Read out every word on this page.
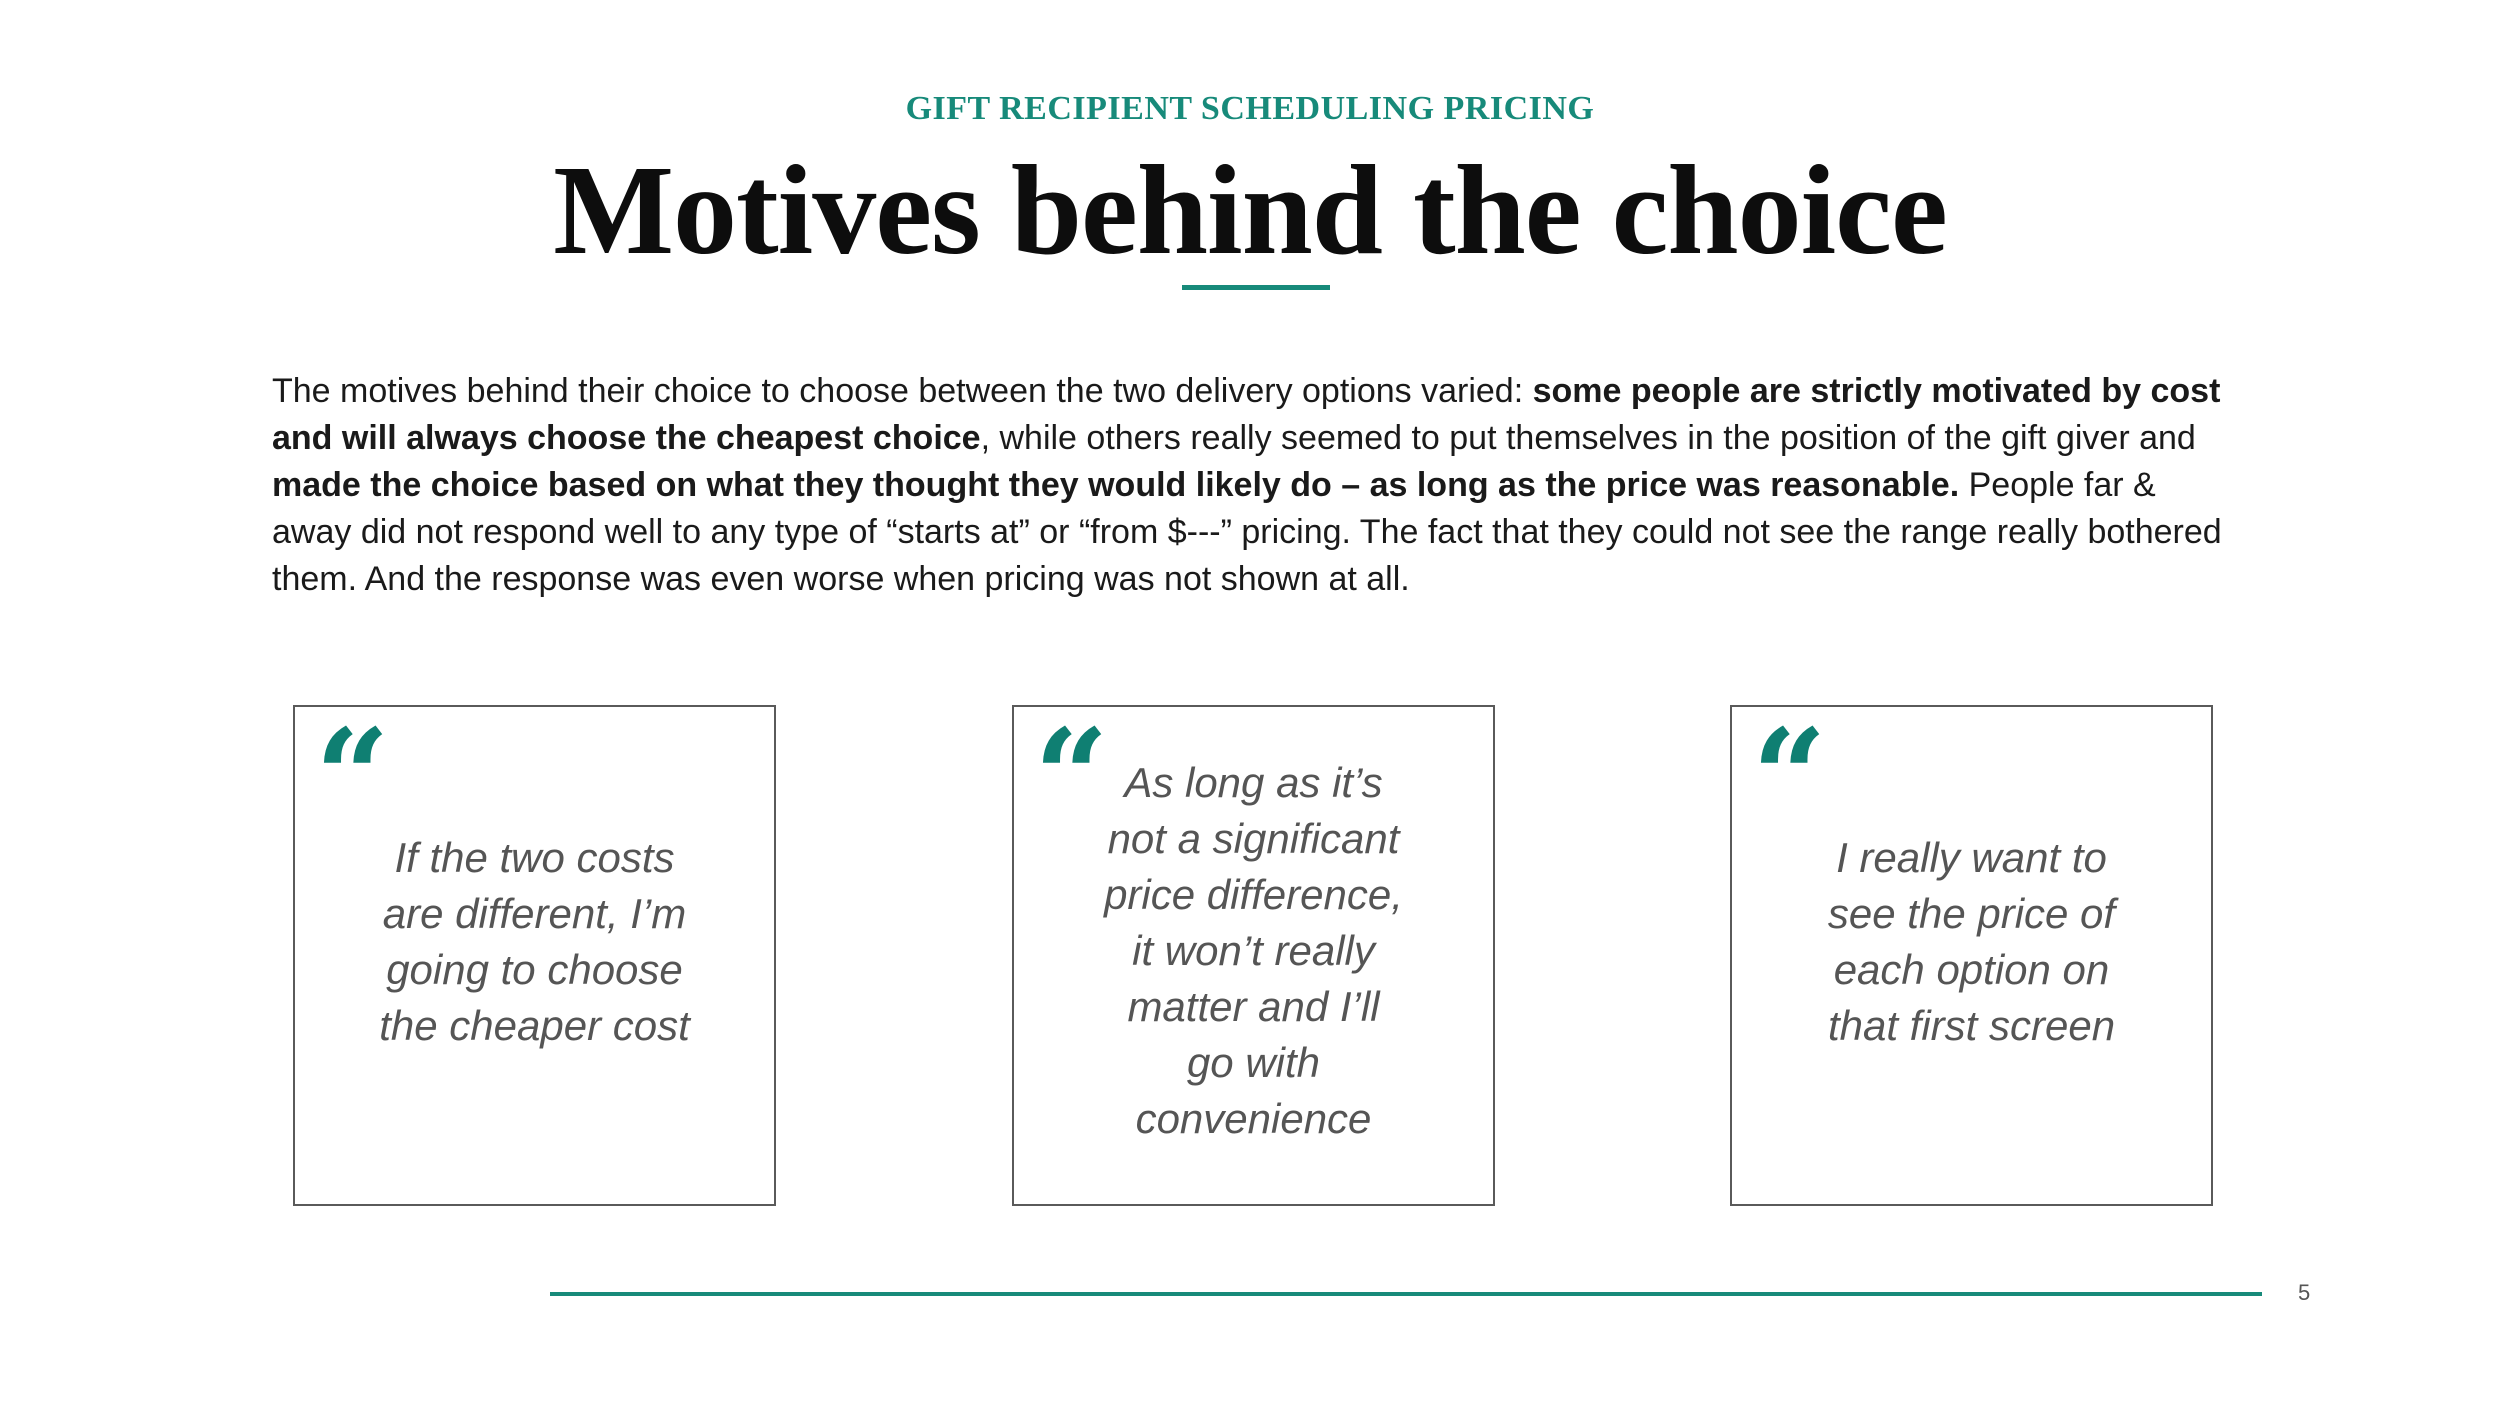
GIFT RECIPIENT SCHEDULING PRICING
Motives behind the choice
The motives behind their choice to choose between the two delivery options varied: some people are strictly motivated by cost and will always choose the cheapest choice, while others really seemed to put themselves in the position of the gift giver and made the choice based on what they thought they would likely do – as long as the price was reasonable. People far & away did not respond well to any type of “starts at” or “from $---” pricing. The fact that they could not see the range really bothered them. And the response was even worse when pricing was not shown at all.
“
If the two costs are different, I’m going to choose the cheaper cost
“ As long as it’s not a significant price difference, it won’t really matter and I’ll go with convenience
“
I really want to see the price of each option on that first screen
5
